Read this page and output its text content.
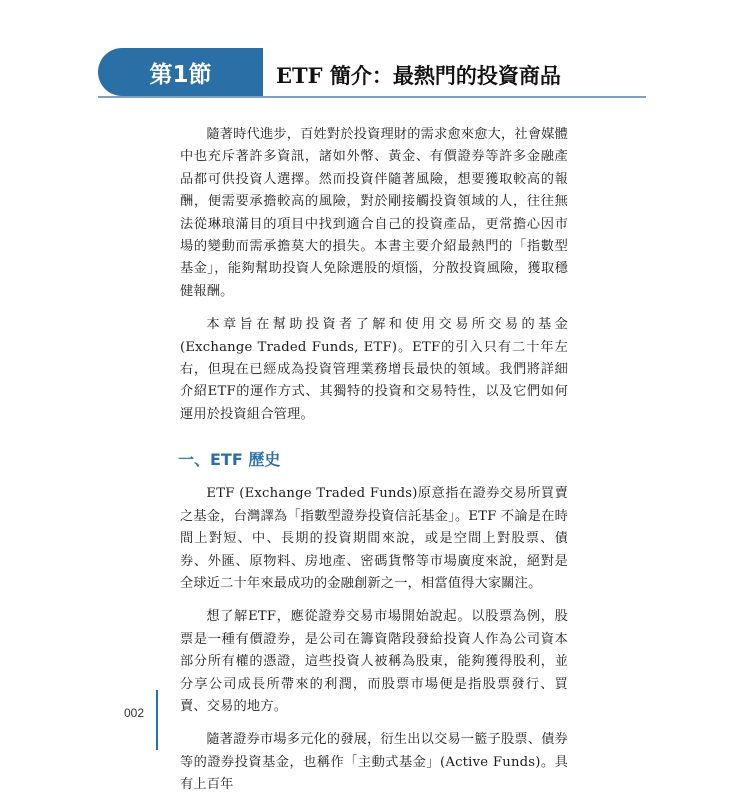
第1節	ETF 簡介：最熱門的投資商品

隨著時代進步，百姓對於投資理財的需求愈來愈大，社會媒體中也充斥著許多資訊，諸如外幣、黃金、有價證券等許多金融產品都可供投資人選擇。然而投資伴隨著風險，想要獲取較高的報酬，便需要承擔較高的風險，對於剛接觸投資領域的人，往往無法從琳琅滿目的項目中找到適合自己的投資產品，更常擔心因市場的變動而需承擔莫大的損失。本書主要介紹最熱門的「指數型基金」，能夠幫助投資人免除選股的煩惱，分散投資風險，獲取穩健報酬。

本章旨在幫助投資者了解和使用交易所交易的基金(Exchange Traded Funds, ETF)。ETF的引入只有二十年左右，但現在已經成為投資管理業務增長最快的領域。我們將詳細介紹ETF的運作方式、其獨特的投資和交易特性，以及它們如何運用於投資組合管理。

一、ETF 歷史

ETF (Exchange Traded Funds)原意指在證券交易所買賣之基金，台灣譯為「指數型證券投資信託基金」。ETF 不論是在時間上對短、中、長期的投資期間來說，或是空間上對股票、債券、外匯、原物料、房地產、密碼貨幣等市場廣度來說，絕對是全球近二十年來最成功的金融創新之一，相當值得大家關注。

想了解ETF，應從證券交易市場開始說起。以股票為例，股票是一種有價證券，是公司在籌資階段發給投資人作為公司資本部分所有權的憑證，這些投資人被稱為股東，能夠獲得股利，並分享公司成長所帶來的利潤，而股票市場便是指股票發行、買賣、交易的地方。

隨著證券市場多元化的發展，衍生出以交易一籃子股票、債券等的證券投資基金，也稱作「主動式基金」(Active Funds)。具有上百年

002
